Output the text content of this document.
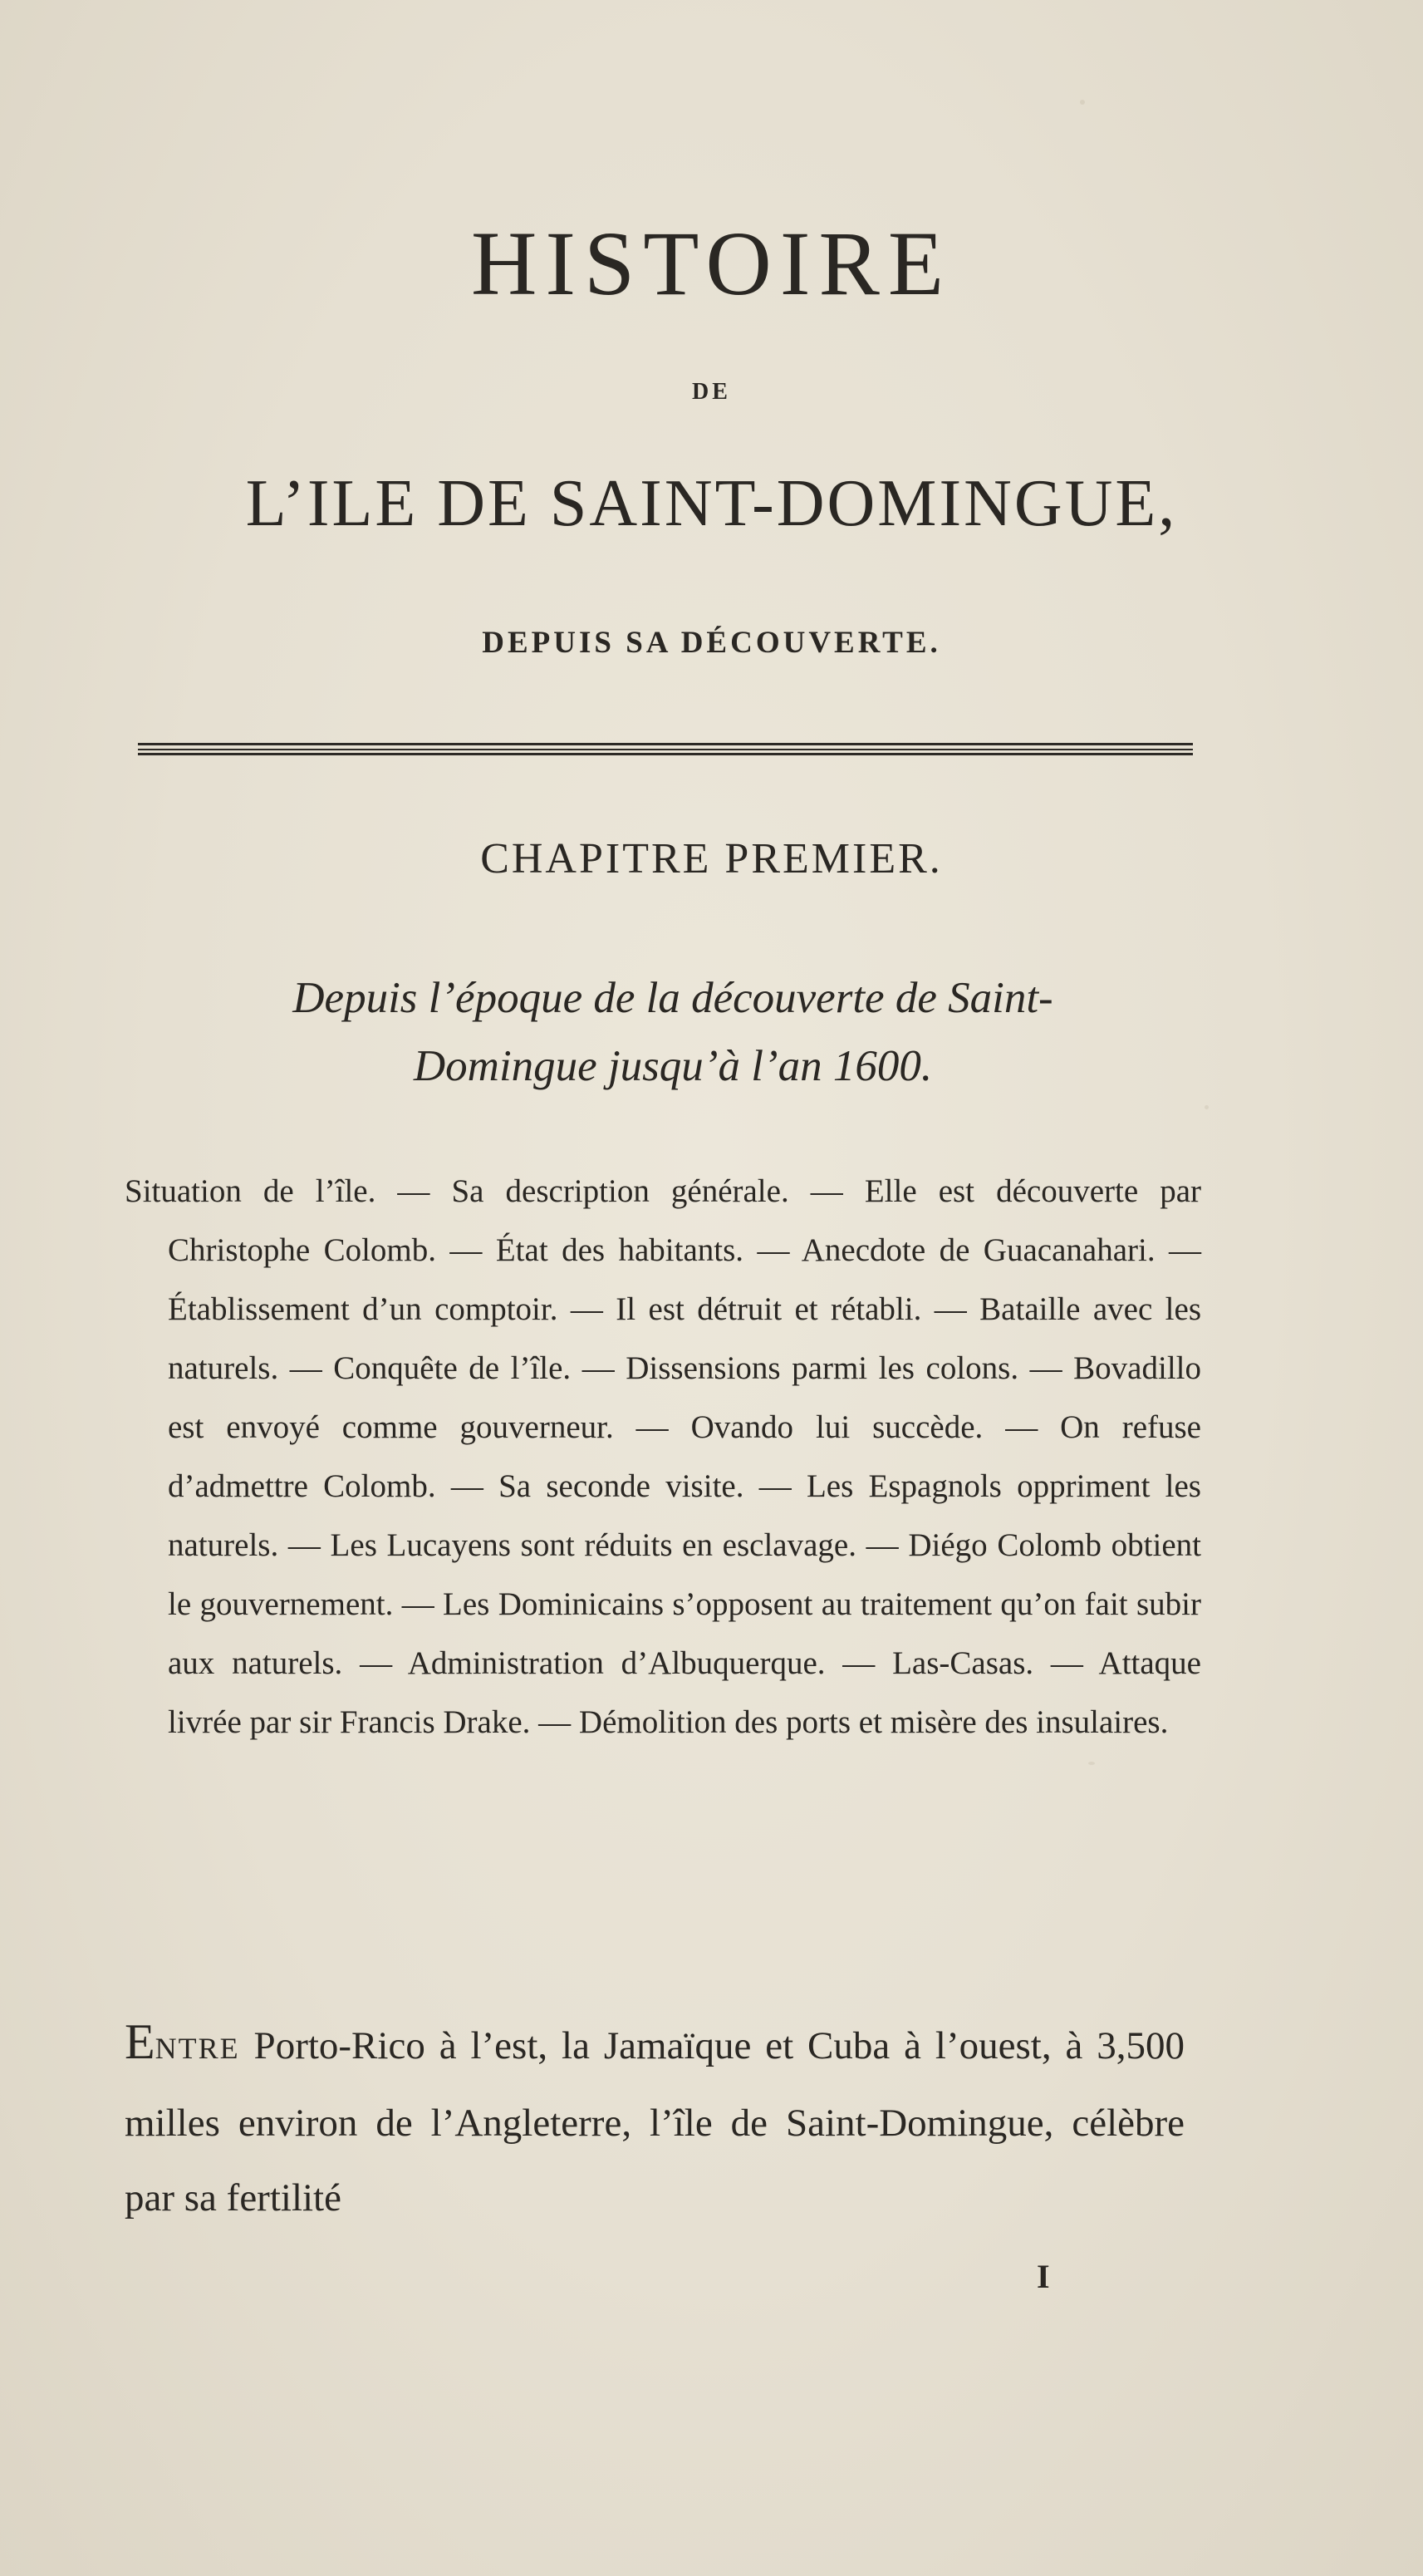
HISTOIRE
DE
L’ILE DE SAINT-DOMINGUE,
DEPUIS SA DÉCOUVERTE.
CHAPITRE PREMIER.
Depuis l’époque de la découverte de Saint-
Domingue jusqu’à l’an 1600.

Situation de l’île. — Sa description générale. — Elle est découverte par Christophe Colomb. — État des habitants. — Anecdote de Guacanahari. — Établissement d’un comptoir. — Il est détruit et rétabli. — Bataille avec les naturels. — Conquête de l’île. — Dissensions parmi les colons. — Bovadillo est envoyé comme gouverneur. — Ovando lui succède. — On refuse d’admettre Colomb. — Sa seconde visite. — Les Espagnols oppriment les naturels. — Les Lucayens sont réduits en esclavage. — Diégo Colomb obtient le gouvernement. — Les Dominicains s’opposent au traitement qu’on fait subir aux naturels. — Administration d’Albuquerque. — Las-Casas. — Attaque livrée par sir Francis Drake. — Démolition des ports et misère des insulaires.

ENTRE Porto-Rico à l’est, la Jamaïque et Cuba à l’ouest, à 3,500 milles environ de l’Angleterre, l’île de Saint-Domingue, célèbre par sa fertilité

I
